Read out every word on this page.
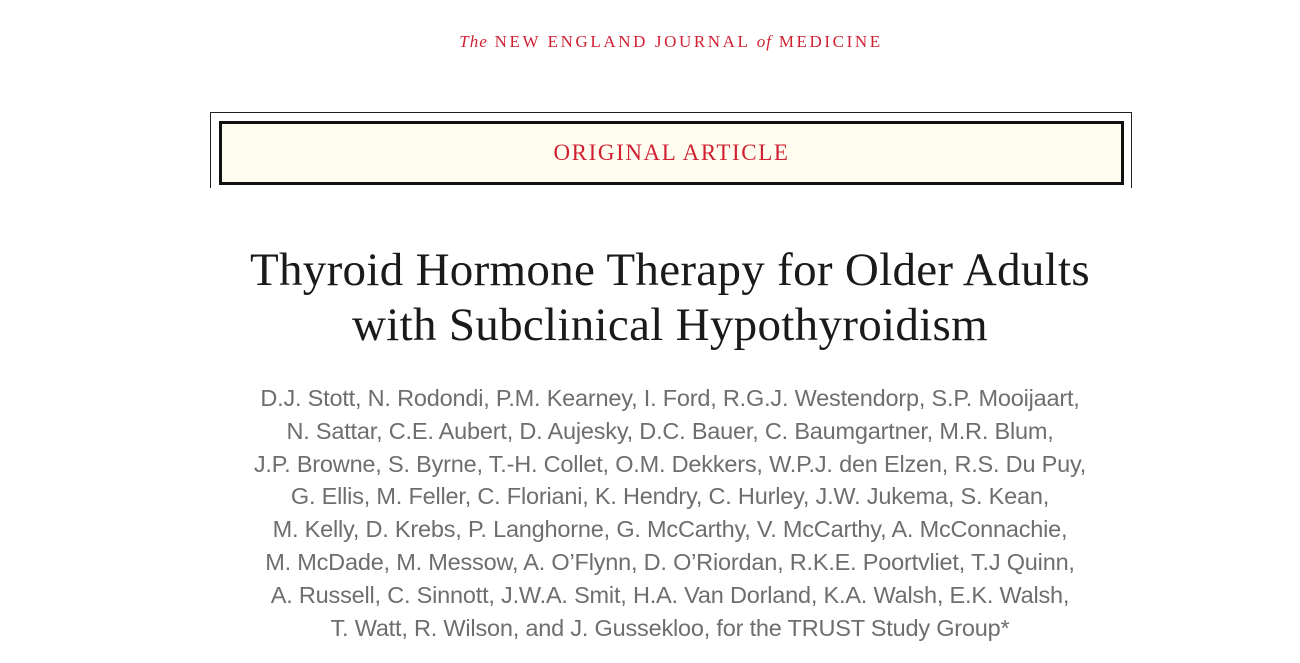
The NEW ENGLAND JOURNAL of MEDICINE
ORIGINAL ARTICLE
Thyroid Hormone Therapy for Older Adults
with Subclinical Hypothyroidism
D.J. Stott, N. Rodondi, P.M. Kearney, I. Ford, R.G.J. Westendorp, S.P. Mooijaart,
N. Sattar, C.E. Aubert, D. Aujesky, D.C. Bauer, C. Baumgartner, M.R. Blum,
J.P. Browne, S. Byrne, T.-H. Collet, O.M. Dekkers, W.P.J. den Elzen, R.S. Du Puy,
G. Ellis, M. Feller, C. Floriani, K. Hendry, C. Hurley, J.W. Jukema, S. Kean,
M. Kelly, D. Krebs, P. Langhorne, G. McCarthy, V. McCarthy, A. McConnachie,
M. McDade, M. Messow, A. O’Flynn, D. O’Riordan, R.K.E. Poortvliet, T.J Quinn,
A. Russell, C. Sinnott, J.W.A. Smit, H.A. Van Dorland, K.A. Walsh, E.K. Walsh,
T. Watt, R. Wilson, and J. Gussekloo, for the TRUST Study Group*
